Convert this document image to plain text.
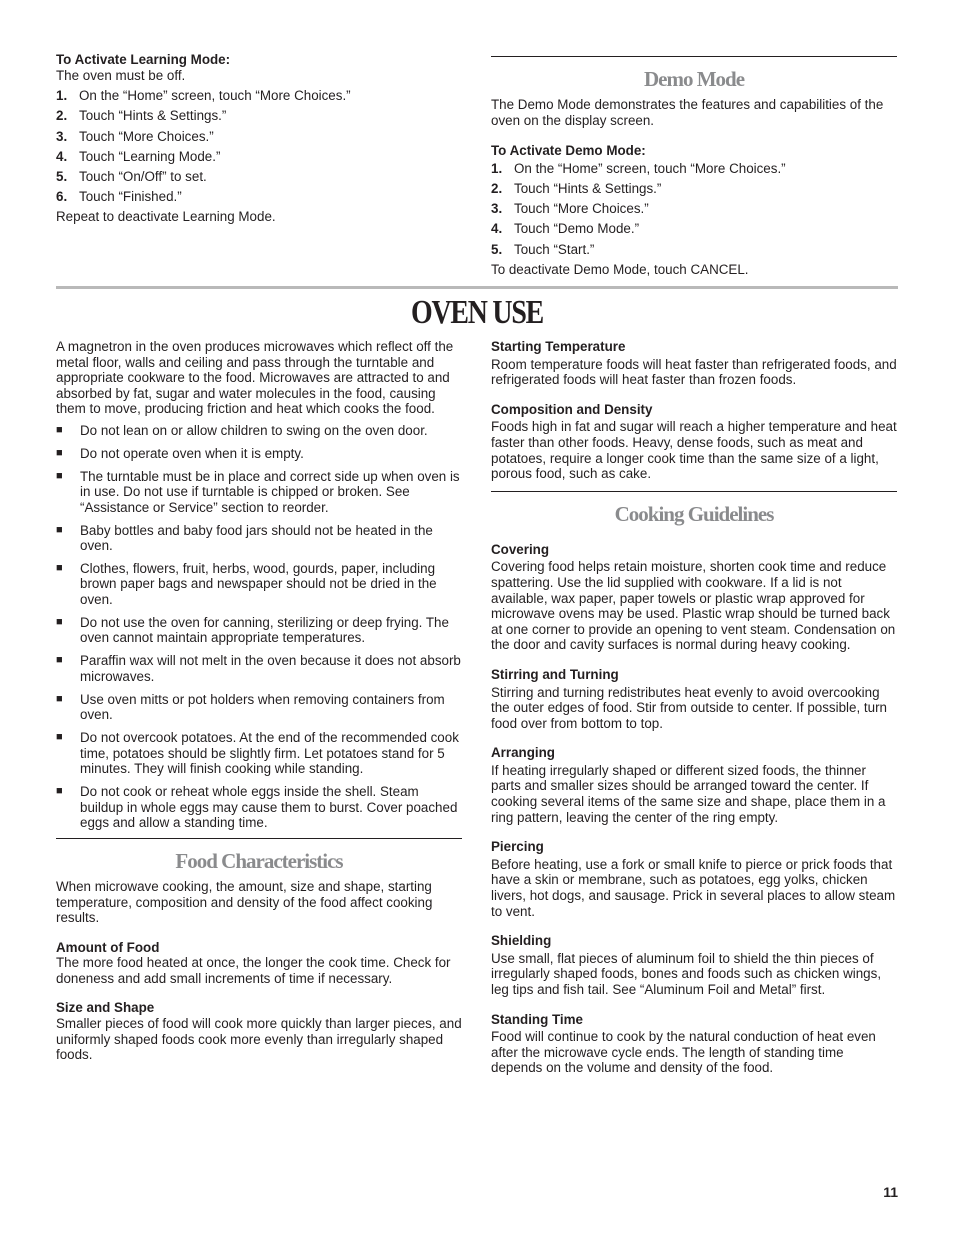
To Activate Learning Mode:

The oven must be off.

1. On the “Home” screen, touch “More Choices.”
2. Touch “Hints & Settings.”
3. Touch “More Choices.”
4. Touch “Learning Mode.”
5. Touch “On/Off” to set.
6. Touch “Finished.”

Repeat to deactivate Learning Mode.

Demo Mode

The Demo Mode demonstrates the features and capabilities of the oven on the display screen.

To Activate Demo Mode:

1. On the “Home” screen, touch “More Choices.”
2. Touch “Hints & Settings.”
3. Touch “More Choices.”
4. Touch “Demo Mode.”
5. Touch “Start.”

To deactivate Demo Mode, touch CANCEL.

OVEN USE

A magnetron in the oven produces microwaves which reflect off the metal floor, walls and ceiling and pass through the turntable and appropriate cookware to the food. Microwaves are attracted to and absorbed by fat, sugar and water molecules in the food, causing them to move, producing friction and heat which cooks the food.

■	Do not lean on or allow children to swing on the oven door.
■	Do not operate oven when it is empty.
■	The turntable must be in place and correct side up when oven is in use. Do not use if turntable is chipped or broken. See “Assistance or Service” section to reorder.
■	Baby bottles and baby food jars should not be heated in the oven.
■	Clothes, flowers, fruit, herbs, wood, gourds, paper, including brown paper bags and newspaper should not be dried in the oven.
■	Do not use the oven for canning, sterilizing or deep frying. The oven cannot maintain appropriate temperatures.
■	Paraffin wax will not melt in the oven because it does not absorb microwaves.
■	Use oven mitts or pot holders when removing containers from oven.
■	Do not overcook potatoes. At the end of the recommended cook time, potatoes should be slightly firm. Let potatoes stand for 5 minutes. They will finish cooking while standing.
■	Do not cook or reheat whole eggs inside the shell. Steam buildup in whole eggs may cause them to burst. Cover poached eggs and allow a standing time.
Food Characteristics

When microwave cooking, the amount, size and shape, starting temperature, composition and density of the food affect cooking results.

Amount of Food

The more food heated at once, the longer the cook time. Check for doneness and add small increments of time if necessary.

Size and Shape

Smaller pieces of food will cook more quickly than larger pieces, and uniformly shaped foods cook more evenly than irregularly shaped foods.

Starting Temperature

Room temperature foods will heat faster than refrigerated foods, and refrigerated foods will heat faster than frozen foods.

Composition and Density

Foods high in fat and sugar will reach a higher temperature and heat faster than other foods. Heavy, dense foods, such as meat and potatoes, require a longer cook time than the same size of a light, porous food, such as cake.

Cooking Guidelines

Covering

Covering food helps retain moisture, shorten cook time and reduce spattering. Use the lid supplied with cookware. If a lid is not available, wax paper, paper towels or plastic wrap approved for microwave ovens may be used. Plastic wrap should be turned back at one corner to provide an opening to vent steam. Condensation on the door and cavity surfaces is normal during heavy cooking.

Stirring and Turning

Stirring and turning redistributes heat evenly to avoid overcooking the outer edges of food. Stir from outside to center. If possible, turn food over from bottom to top.

Arranging

If heating irregularly shaped or different sized foods, the thinner parts and smaller sizes should be arranged toward the center. If cooking several items of the same size and shape, place them in a ring pattern, leaving the center of the ring empty.

Piercing

Before heating, use a fork or small knife to pierce or prick foods that have a skin or membrane, such as potatoes, egg yolks, chicken livers, hot dogs, and sausage. Prick in several places to allow steam to vent.

Shielding

Use small, flat pieces of aluminum foil to shield the thin pieces of irregularly shaped foods, bones and foods such as chicken wings, leg tips and fish tail. See “Aluminum Foil and Metal” first.

Standing Time

Food will continue to cook by the natural conduction of heat even after the microwave cycle ends. The length of standing time depends on the volume and density of the food.

11
